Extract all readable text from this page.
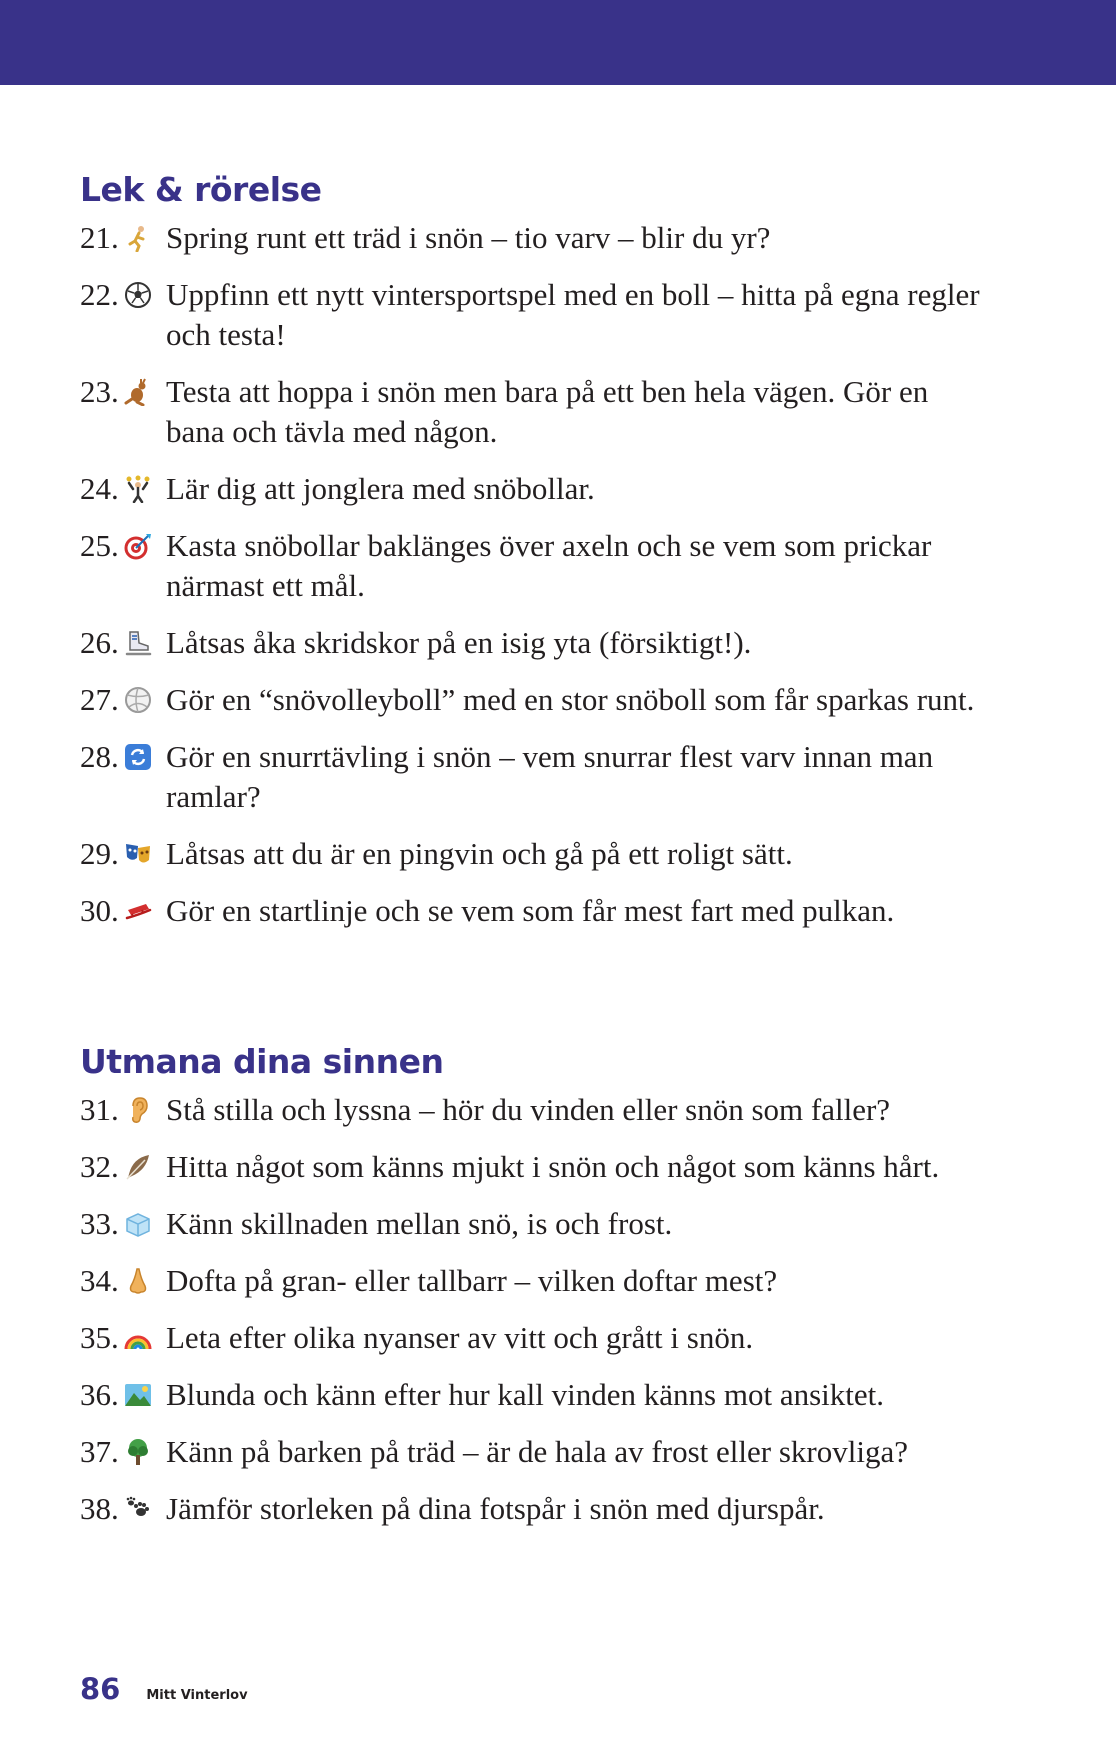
Lek & rörelse
21. Spring runt ett träd i snön – tio varv – blir du yr?
22. Uppfinn ett nytt vintersportspel med en boll – hitta på egna regler och testa!
23. Testa att hoppa i snön men bara på ett ben hela vägen. Gör en bana och tävla med någon.
24. Lär dig att jonglera med snöbollar.
25. Kasta snöbollar baklänges över axeln och se vem som prickar närmast ett mål.
26. Låtsas åka skridskor på en isig yta (försiktigt!).
27. Gör en “snövolleyboll” med en stor snöboll som får sparkas runt.
28. Gör en snurrtävling i snön – vem snurrar flest varv innan man ramlar?
29. Låtsas att du är en pingvin och gå på ett roligt sätt.
30. Gör en startlinje och se vem som får mest fart med pulkan.
Utmana dina sinnen
31. Stå stilla och lyssna – hör du vinden eller snön som faller?
32. Hitta något som känns mjukt i snön och något som känns hårt.
33. Känn skillnaden mellan snö, is och frost.
34. Dofta på gran- eller tallbarr – vilken doftar mest?
35. Leta efter olika nyanser av vitt och grått i snön.
36. Blunda och känn efter hur kall vinden känns mot ansiktet.
37. Känn på barken på träd – är de hala av frost eller skrovliga?
38. Jämför storleken på dina fotspår i snön med djurspår.
86 Mitt Vinterlov
